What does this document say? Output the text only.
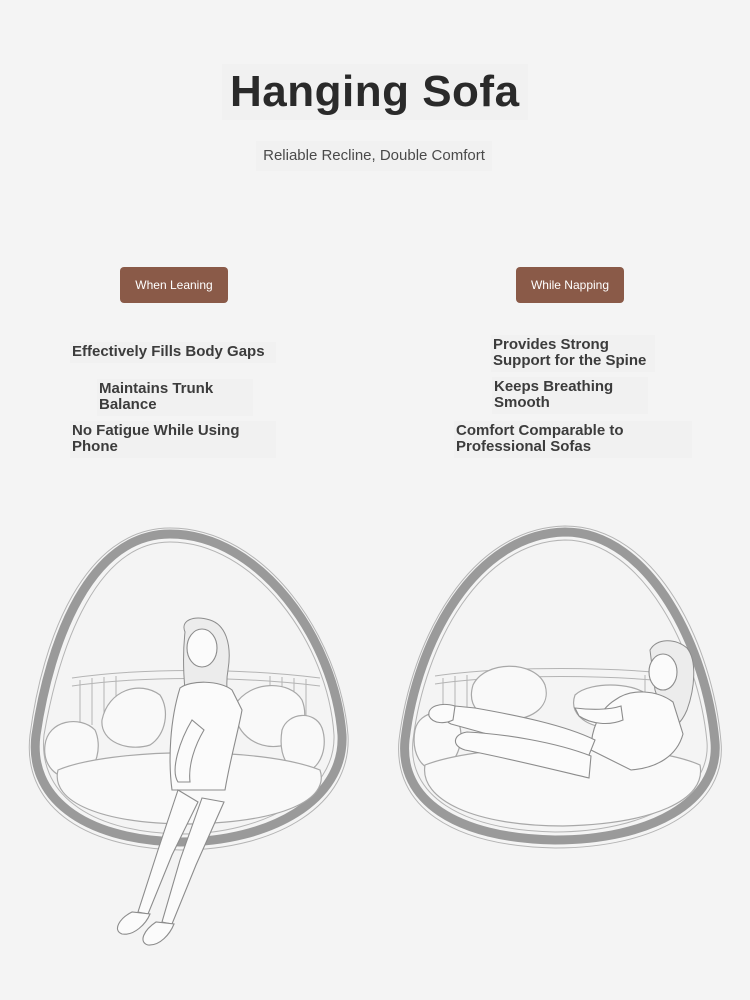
Hanging Sofa
Reliable Recline, Double Comfort
When Leaning	While Napping
Effectively Fills Body Gaps
Maintains Trunk Balance
No Fatigue While Using Phone
Provides Strong Support for the Spine
Keeps Breathing Smooth
Comfort Comparable to Professional Sofas
